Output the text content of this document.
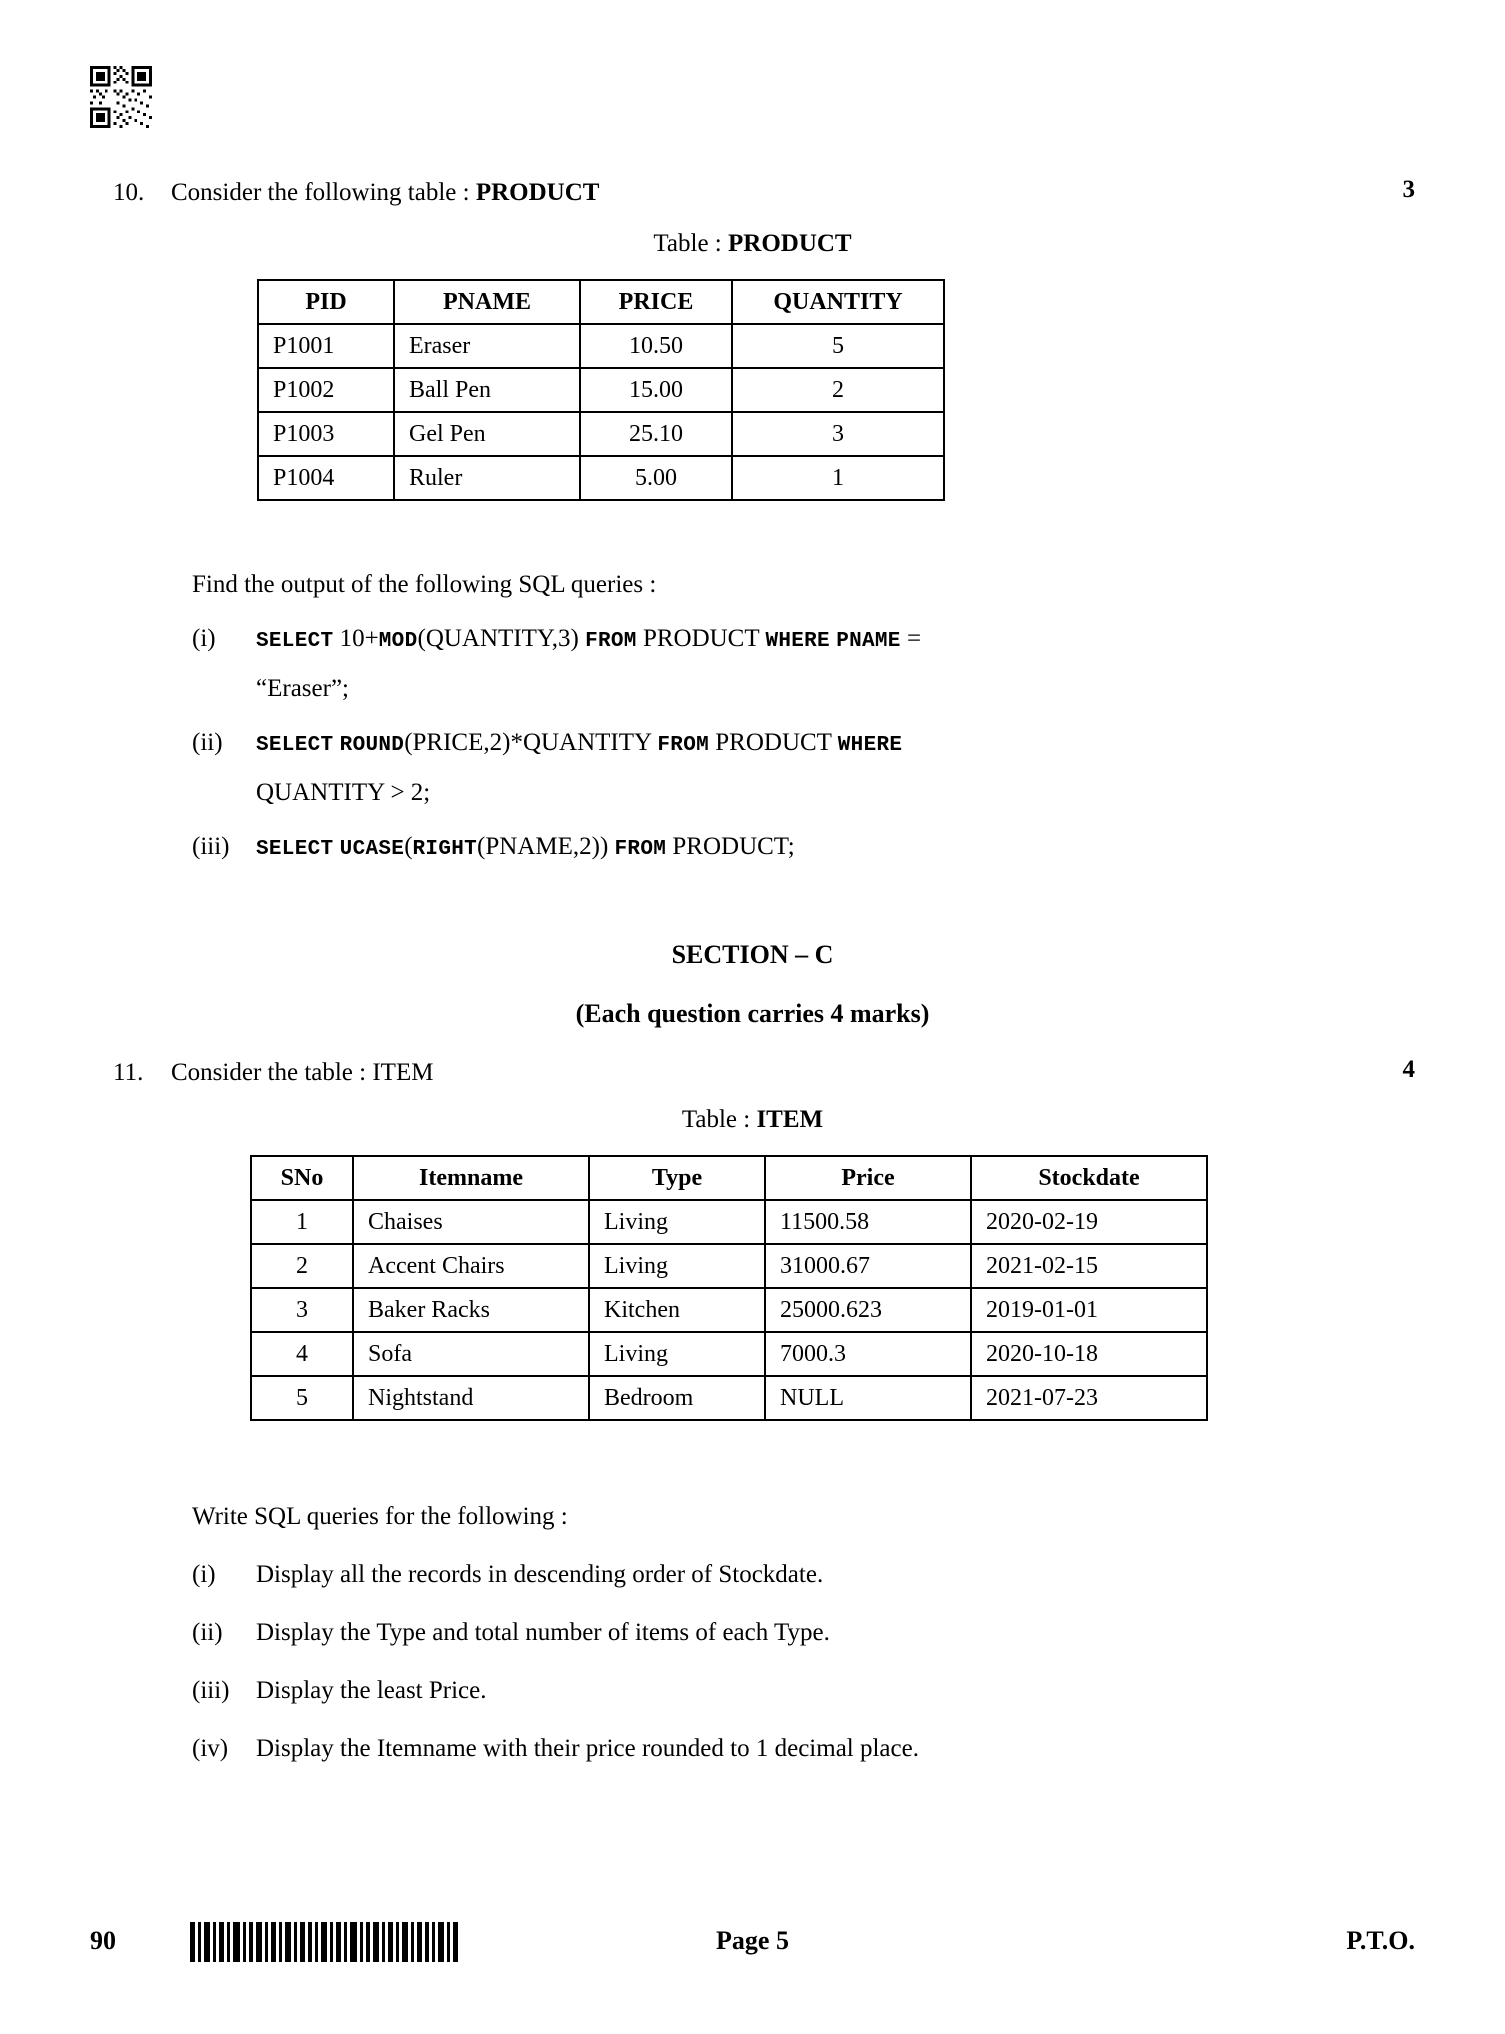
10.	Consider the following table : PRODUCT	3
Table : PRODUCT
PID	PNAME	PRICE	QUANTITY
P1001	Eraser	10.50	5
P1002	Ball Pen	15.00	2
P1003	Gel Pen	25.10	3
P1004	Ruler	5.00	1
Find the output of the following SQL queries :
(i)	SELECT 10+MOD(QUANTITY,3) FROM PRODUCT WHERE PNAME =
“Eraser”;
(ii)	SELECT ROUND(PRICE,2)*QUANTITY FROM PRODUCT WHERE
QUANTITY > 2;
(iii)	SELECT UCASE(RIGHT(PNAME,2)) FROM PRODUCT;
SECTION – C
(Each question carries 4 marks)
11.	Consider the table : ITEM	4
Table : ITEM
SNo	Itemname	Type	Price	Stockdate
1	Chaises	Living	11500.58	2020-02-19
2	Accent Chairs	Living	31000.67	2021-02-15
3	Baker Racks	Kitchen	25000.623	2019-01-01
4	Sofa	Living	7000.3	2020-10-18
5	Nightstand	Bedroom	NULL	2021-07-23
Write SQL queries for the following :
(i)	Display all the records in descending order of Stockdate.
(ii)	Display the Type and total number of items of each Type.
(iii)	Display the least Price.
(iv)	Display the Itemname with their price rounded to 1 decimal place.
90	Page 5	P.T.O.
